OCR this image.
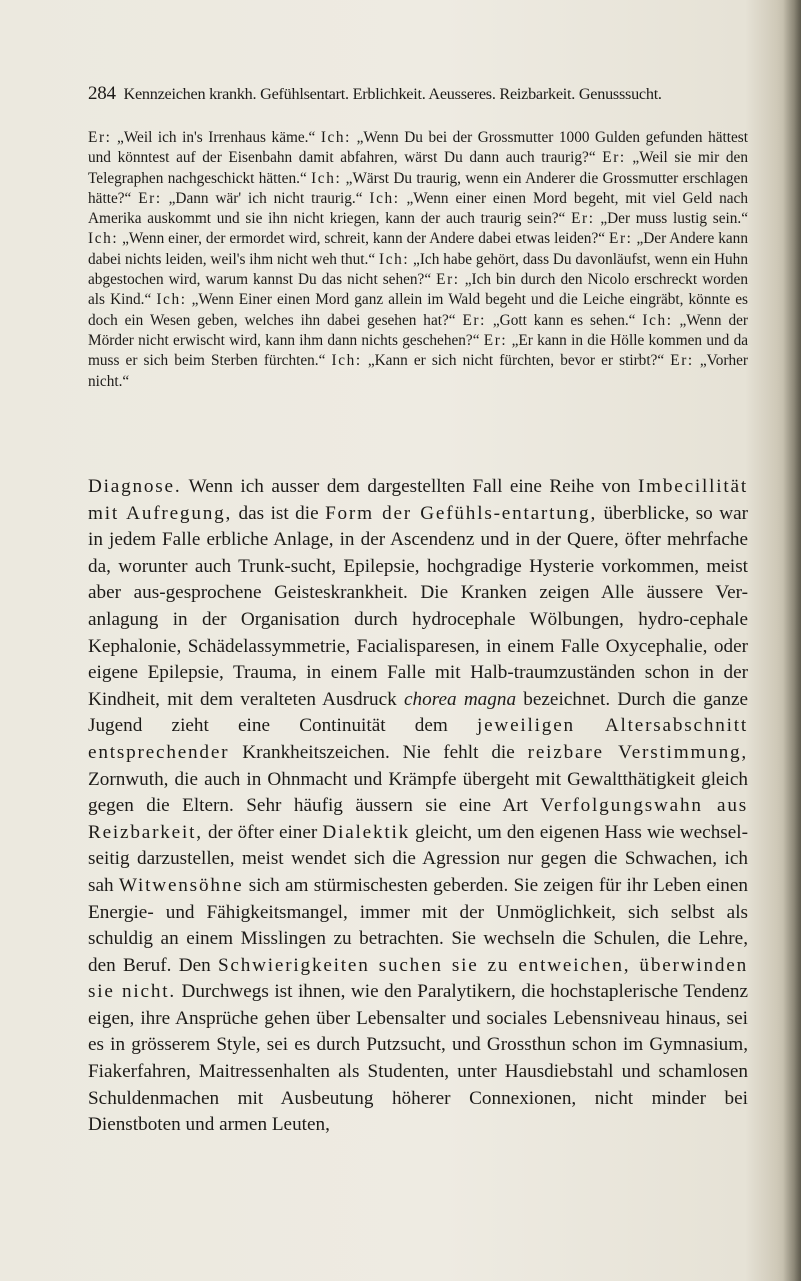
284 Kennzeichen krankh. Gefühlsentart. Erblichkeit. Aeusseres. Reizbarkeit. Genusssucht.

Er: „Weil ich in's Irrenhaus käme.“ Ich: „Wenn Du bei der Grossmutter 1000 Gulden gefunden hättest und könntest auf der Eisenbahn damit abfahren, wärst Du dann auch traurig?“ Er: „Weil sie mir den Telegraphen nachgeschickt hätten.“ Ich: „Wärst Du traurig, wenn ein Anderer die Grossmutter erschlagen hätte?“ Er: „Dann wär' ich nicht traurig.“ Ich: „Wenn einer einen Mord begeht, mit viel Geld nach Amerika auskommt und sie ihn nicht kriegen, kann der auch traurig sein?“ Er: „Der muss lustig sein.“ Ich: „Wenn einer, der ermordet wird, schreit, kann der Andere dabei etwas leiden?“ Er: „Der Andere kann dabei nichts leiden, weil's ihm nicht weh thut.“ Ich: „Ich habe gehört, dass Du davonläufst, wenn ein Huhn abgestochen wird, warum kannst Du das nicht sehen?“ Er: „Ich bin durch den Nicolo erschreckt worden als Kind.“ Ich: „Wenn Einer einen Mord ganz allein im Wald begeht und die Leiche eingräbt, könnte es doch ein Wesen geben, welches ihn dabei gesehen hat?“ Er: „Gott kann es sehen.“ Ich: „Wenn der Mörder nicht erwischt wird, kann ihm dann nichts geschehen?“ Er: „Er kann in die Hölle kommen und da muss er sich beim Sterben fürchten.“ Ich: „Kann er sich nicht fürchten, bevor er stirbt?“ Er: „Vorher nicht.“

Diagnose. Wenn ich ausser dem dargestellten Fall eine Reihe von Imbecillität mit Aufregung, das ist die Form der Gefühls-entartung, überblicke, so war in jedem Falle erbliche Anlage, in der Ascendenz und in der Quere, öfter mehrfache da, worunter auch Trunk-sucht, Epilepsie, hochgradige Hysterie vorkommen, meist aber aus-gesprochene Geisteskrankheit. Die Kranken zeigen Alle äussere Ver-anlagung in der Organisation durch hydrocephale Wölbungen, hydro-cephale Kephalonie, Schädelassymmetrie, Facialisparesen, in einem Falle Oxycephalie, oder eigene Epilepsie, Trauma, in einem Falle mit Halb-traumzuständen schon in der Kindheit, mit dem veralteten Ausdruck chorea magna bezeichnet. Durch die ganze Jugend zieht eine Continuität dem jeweiligen Altersabschnitt entsprechender Krankheitszeichen. Nie fehlt die reizbare Verstimmung, Zornwuth, die auch in Ohnmacht und Krämpfe übergeht mit Gewaltthätigkeit gleich gegen die Eltern. Sehr häufig äussern sie eine Art Verfolgungswahn aus Reizbarkeit, der öfter einer Dialektik gleicht, um den eigenen Hass wie wechsel-seitig darzustellen, meist wendet sich die Agression nur gegen die Schwachen, ich sah Witwensöhne sich am stürmischesten geberden. Sie zeigen für ihr Leben einen Energie- und Fähigkeitsmangel, immer mit der Unmöglichkeit, sich selbst als schuldig an einem Misslingen zu betrachten. Sie wechseln die Schulen, die Lehre, den Beruf. Den Schwierigkeiten suchen sie zu entweichen, überwinden sie nicht. Durchwegs ist ihnen, wie den Paralytikern, die hochstaplerische Tendenz eigen, ihre Ansprüche gehen über Lebensalter und sociales Lebensniveau hinaus, sei es in grösserem Style, sei es durch Putzsucht, und Grossthun schon im Gymnasium, Fiakerfahren, Maitressenhalten als Studenten, unter Hausdiebstahl und schamlosen Schuldenmachen mit Ausbeutung höherer Connexionen, nicht minder bei Dienstboten und armen Leuten,
